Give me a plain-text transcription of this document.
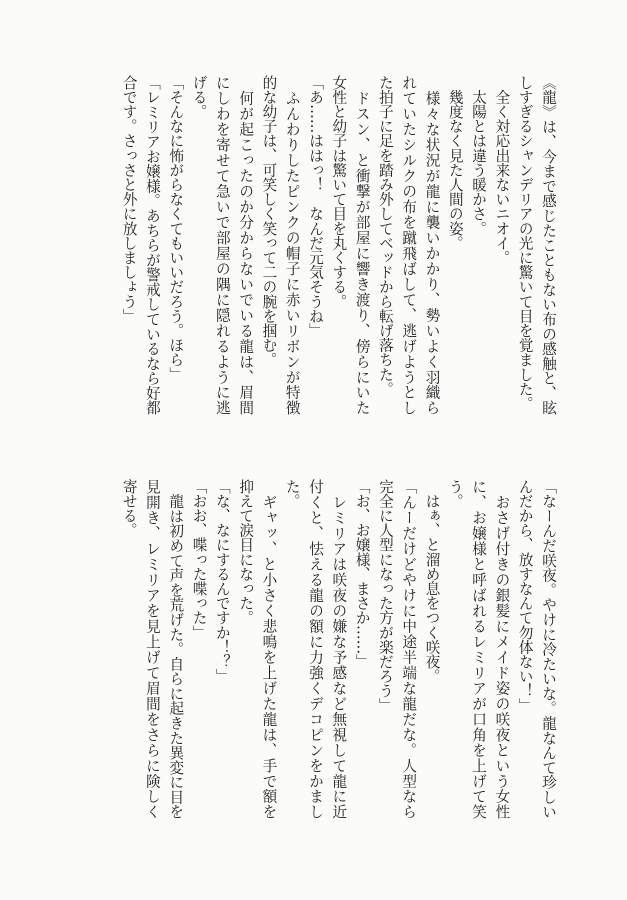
《龍》は、今まで感じたこともない布の感触と、眩
しすぎるシャンデリアの光に驚いて目を覚ました。
　全く対応出来ないニオイ。
　太陽とは違う暖かさ。
　幾度なく見た人間の姿。
　様々な状況が龍に襲いかかり、勢いよく羽織ら
れていたシルクの布を蹴飛ばして、逃げようとし
た拍子に足を踏み外してベッドから転げ落ちた。
　ドスン、と衝撃が部屋に響き渡り、傍らにいた
女性と幼子は驚いて目を丸くする。
「あ……ははっ！　なんだ元気そうね」
　ふんわりしたピンクの帽子に赤いリボンが特徴
的な幼子は、可笑しく笑って二の腕を掴む。
　何が起こったのか分からないでいる龍は、眉間
にしわを寄せて急いで部屋の隅に隠れるように逃
げる。
「そんなに怖がらなくてもいいだろう。ほら」
「レミリアお嬢様。あちらが警戒しているなら好都
合です。さっさと外に放しましょう」
「なーんだ咲夜。やけに冷たいな。龍なんて珍しい
んだから、放すなんて勿体ない！」
　おさげ付きの銀髪にメイド姿の咲夜という女性
に、お嬢様と呼ばれるレミリアが口角を上げて笑
う。
　はぁ、と溜め息をつく咲夜。
「んーだけどやけに中途半端な龍だな。人型なら
完全に人型になった方が楽だろう」
「お、お嬢様、まさか……」
　レミリアは咲夜の嫌な予感など無視して龍に近
付くと、怯える龍の額に力強くデコピンをかまし
た。
　ギャッ、と小さく悲鳴を上げた龍は、手で額を
抑えて涙目になった。
「な、なにするんですか！？」
「おお、喋った喋った」
　龍は初めて声を荒げた。自らに起きた異変に目を
見開き、レミリアを見上げて眉間をさらに険しく
寄せる。
